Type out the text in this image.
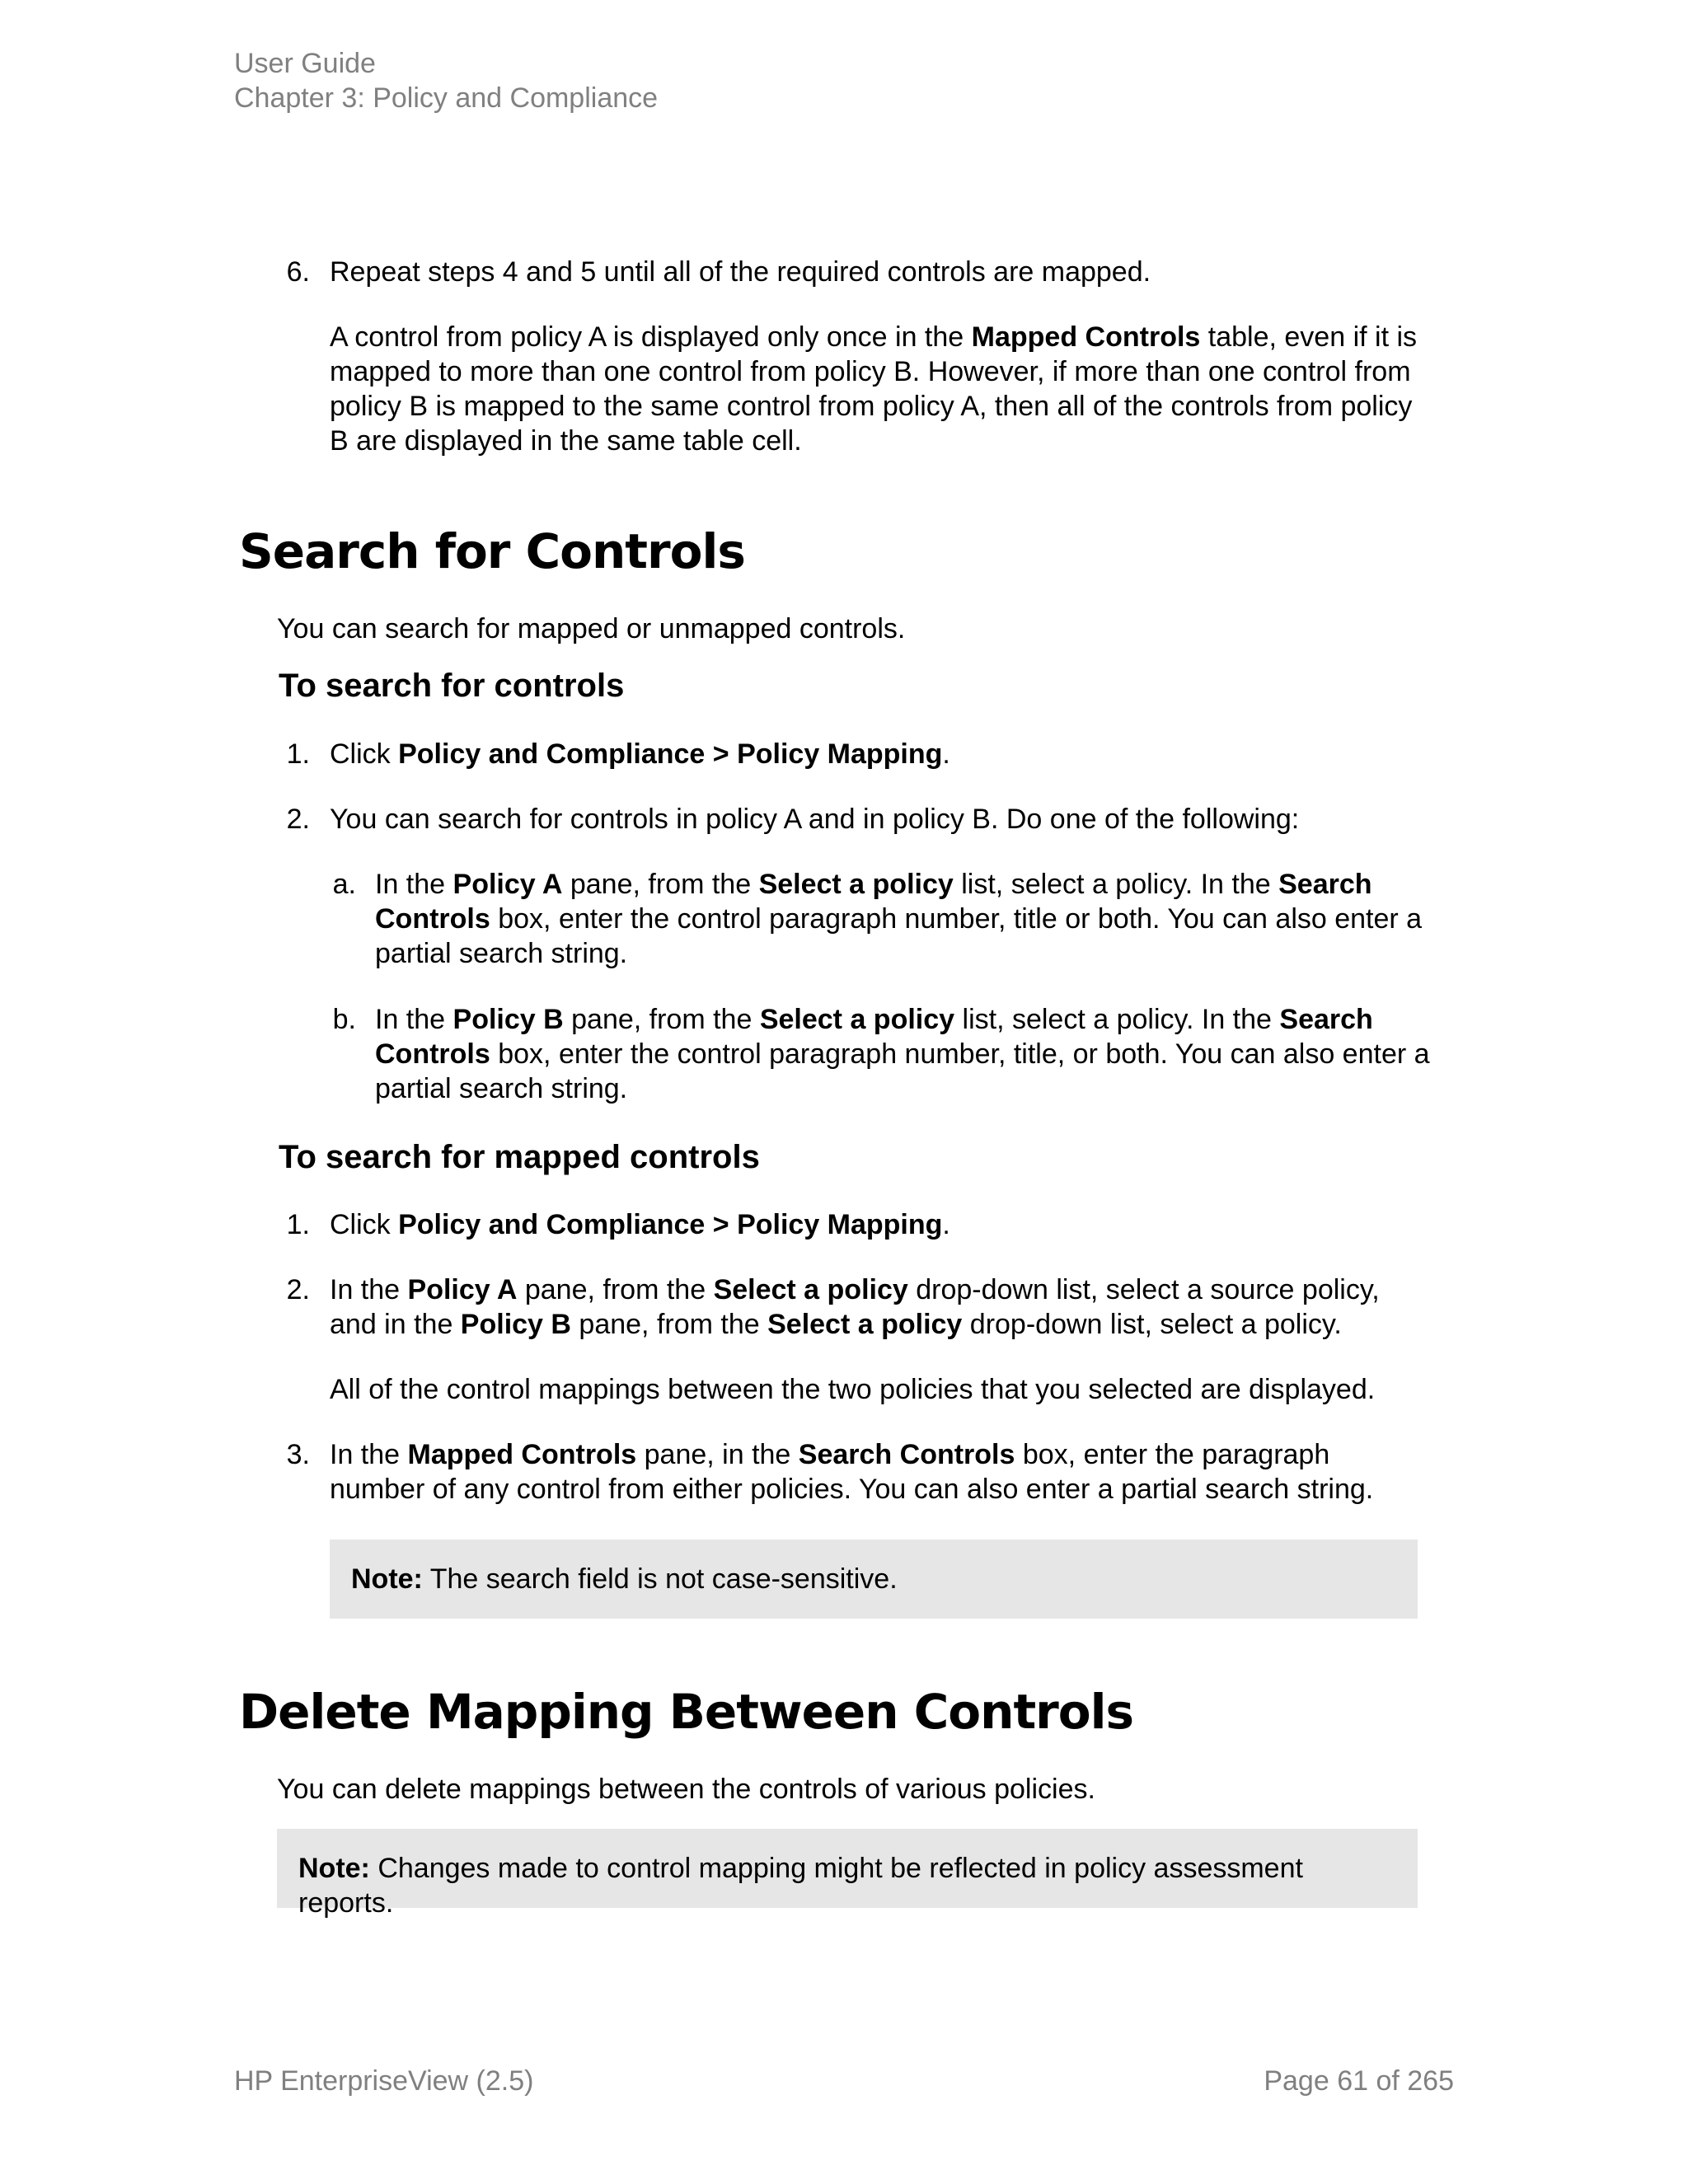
User Guide
Chapter 3: Policy and Compliance
6. Repeat steps 4 and 5 until all of the required controls are mapped.
A control from policy A is displayed only once in the Mapped Controls table, even if it is mapped to more than one control from policy B. However, if more than one control from policy B is mapped to the same control from policy A, then all of the controls from policy B are displayed in the same table cell.
Search for Controls
You can search for mapped or unmapped controls.
To search for controls
1. Click Policy and Compliance > Policy Mapping.
2. You can search for controls in policy A and in policy B. Do one of the following:
a. In the Policy A pane, from the Select a policy list, select a policy. In the Search Controls box, enter the control paragraph number, title or both. You can also enter a partial search string.
b. In the Policy B pane, from the Select a policy list, select a policy. In the Search Controls box, enter the control paragraph number, title, or both. You can also enter a partial search string.
To search for mapped controls
1. Click Policy and Compliance > Policy Mapping.
2. In the Policy A pane, from the Select a policy drop-down list, select a source policy, and in the Policy B pane, from the Select a policy drop-down list, select a policy.
All of the control mappings between the two policies that you selected are displayed.
3. In the Mapped Controls pane, in the Search Controls box, enter the paragraph number of any control from either policies. You can also enter a partial search string.
Note: The search field is not case-sensitive.
Delete Mapping Between Controls
You can delete mappings between the controls of various policies.
Note: Changes made to control mapping might be reflected in policy assessment reports.
HP EnterpriseView (2.5)	Page 61 of 265
